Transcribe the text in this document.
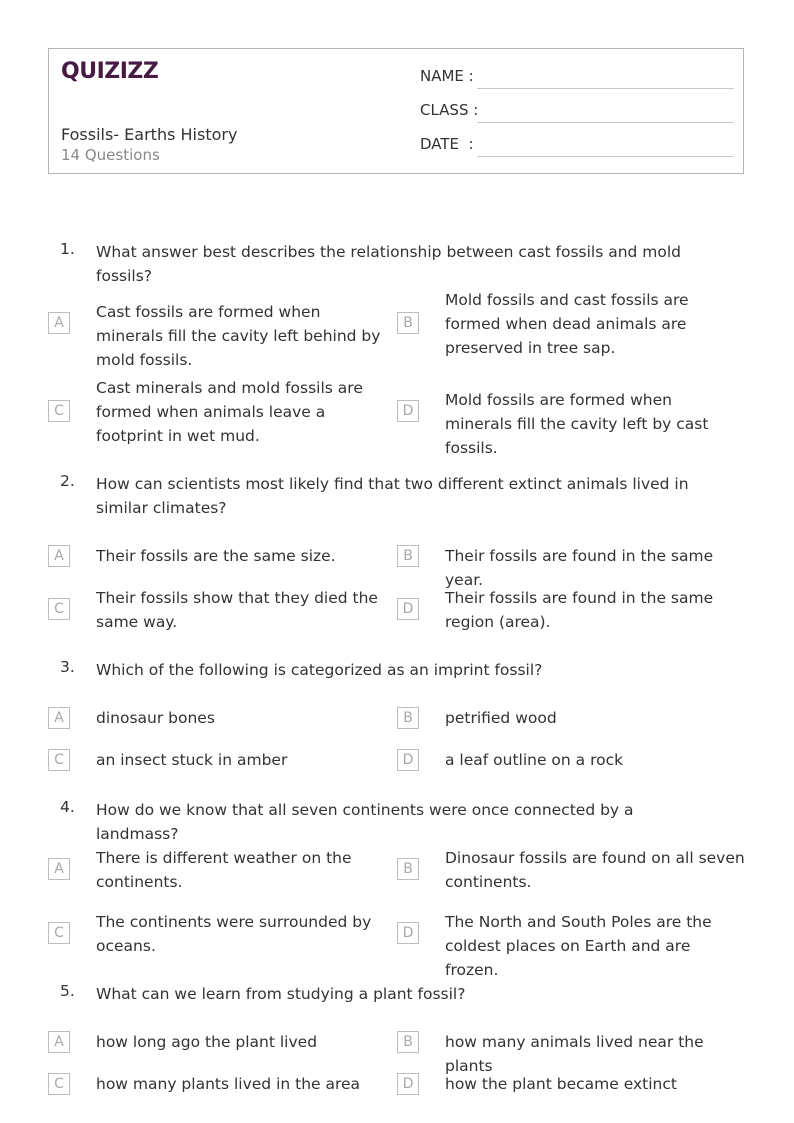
QUIZIZZ
Fossils- Earths History
14 Questions
NAME :
CLASS :
DATE  :
1. What answer best describes the relationship between cast fossils and mold fossils?
A
Cast fossils are formed when minerals fill the cavity left behind by mold fossils.
B
Mold fossils and cast fossils are formed when dead animals are preserved in tree sap.
C
Cast minerals and mold fossils are formed when animals leave a footprint in wet mud.
D
Mold fossils are formed when minerals fill the cavity left by cast fossils.
2. How can scientists most likely find that two different extinct animals lived in similar climates?
A	Their fossils are the same size.	B	Their fossils are found in the same year.
C
Their fossils show that they died the same way.
D
Their fossils are found in the same region (area).
3. Which of the following is categorized as an imprint fossil?
A	dinosaur bones	B	petrified wood
C	an insect stuck in amber	D	a leaf outline on a rock
4. How do we know that all seven continents were once connected by a landmass?
A
There is different weather on the continents.
B
Dinosaur fossils are found on all seven continents.
C
The continents were surrounded by oceans.
D
The North and South Poles are the coldest places on Earth and are frozen.
5. What can we learn from studying a plant fossil?
A	how long ago the plant lived	B	how many animals lived near the plants
C	how many plants lived in the area	D	how the plant became extinct
